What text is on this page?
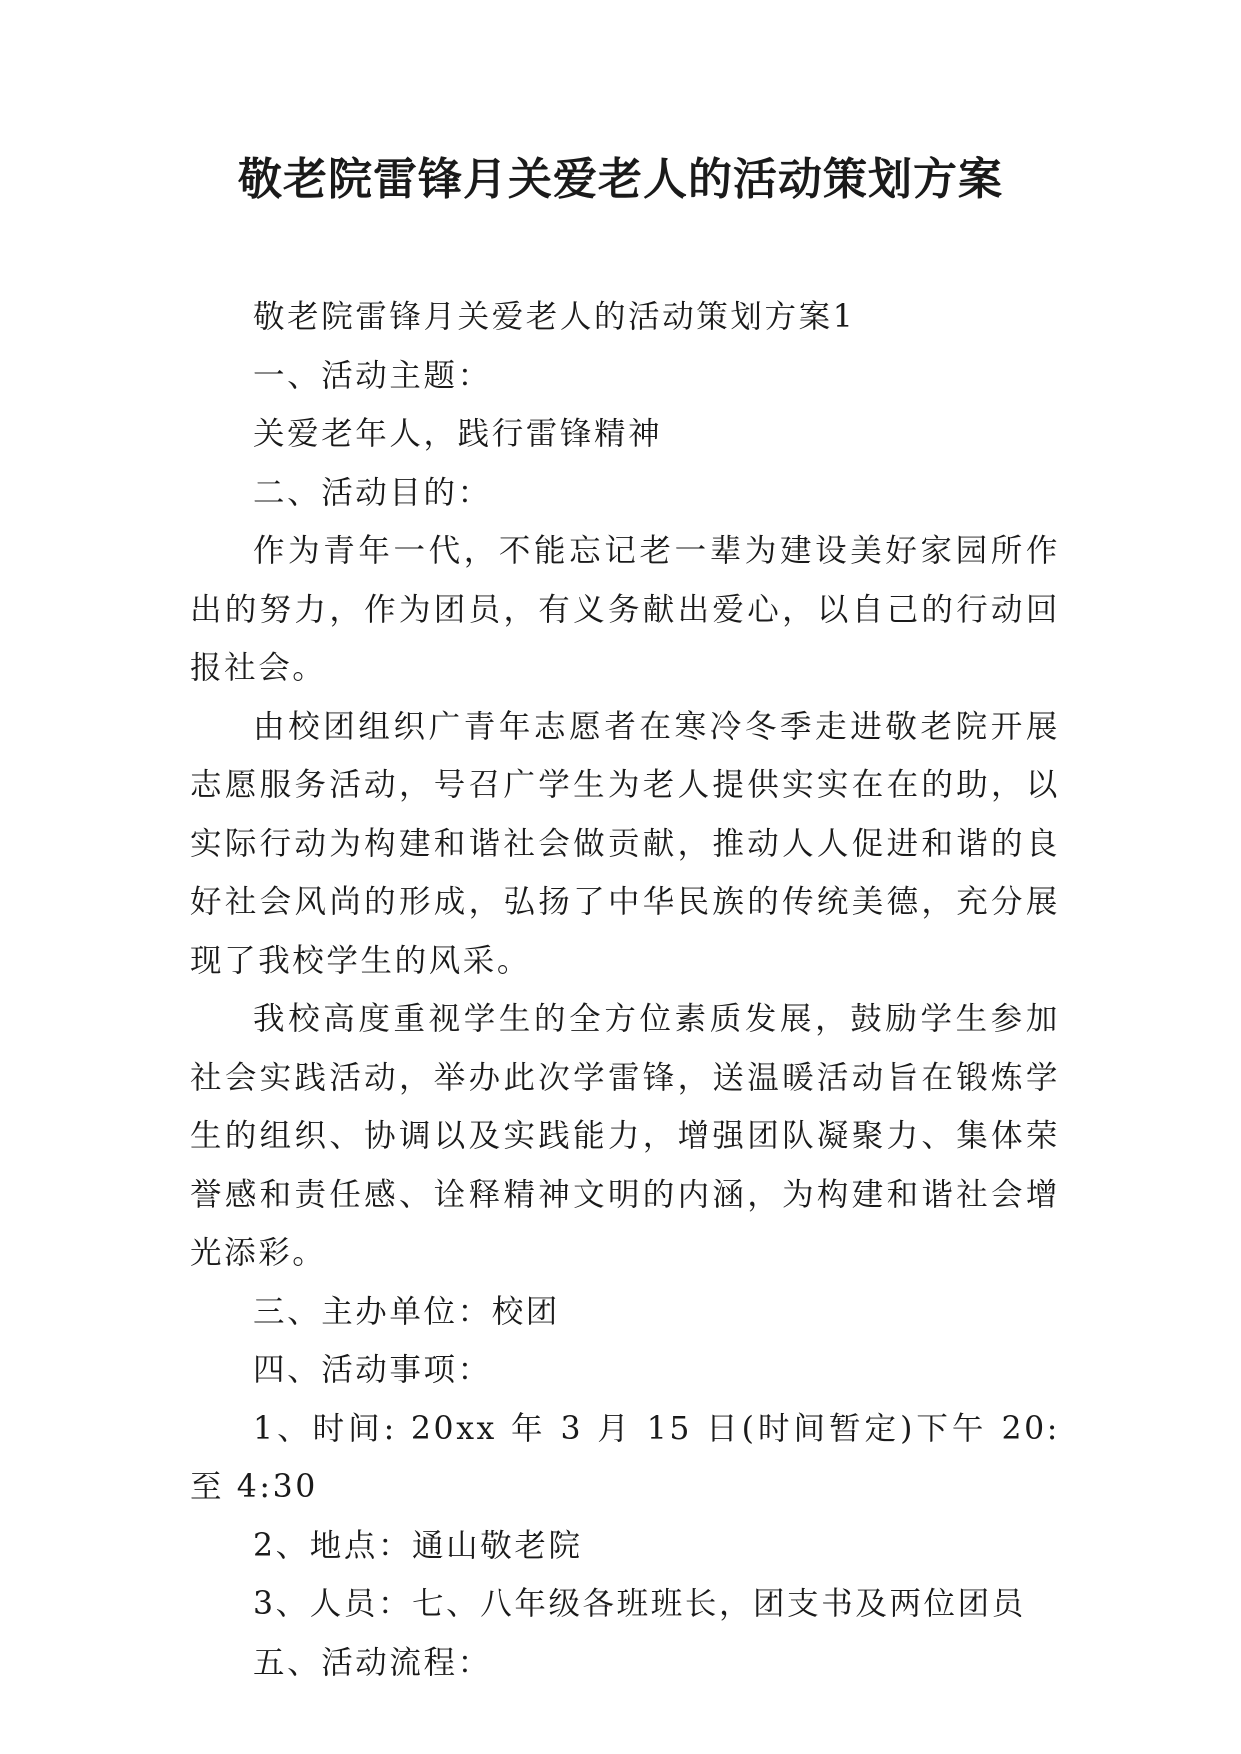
敬老院雷锋月关爱老人的活动策划方案

敬老院雷锋月关爱老人的活动策划方案1

一、活动主题：

关爱老年人，践行雷锋精神

二、活动目的：

作为青年一代，不能忘记老一辈为建设美好家园所作出的努力，作为团员，有义务献出爱心，以自己的行动回报社会。

由校团组织广青年志愿者在寒冷冬季走进敬老院开展志愿服务活动，号召广学生为老人提供实实在在的助，以实际行动为构建和谐社会做贡献，推动人人促进和谐的良好社会风尚的形成，弘扬了中华民族的传统美德，充分展现了我校学生的风采。

我校高度重视学生的全方位素质发展，鼓励学生参加社会实践活动，举办此次学雷锋，送温暖活动旨在锻炼学生的组织、协调以及实践能力，增强团队凝聚力、集体荣誉感和责任感、诠释精神文明的内涵，为构建和谐社会增光添彩。

三、主办单位：校团

四、活动事项：

1、时间: 20xx 年 3 月 15 日(时间暂定)下午 20:至 4:30

2、地点：通山敬老院

3、人员：七、八年级各班班长，团支书及两位团员

五、活动流程：
